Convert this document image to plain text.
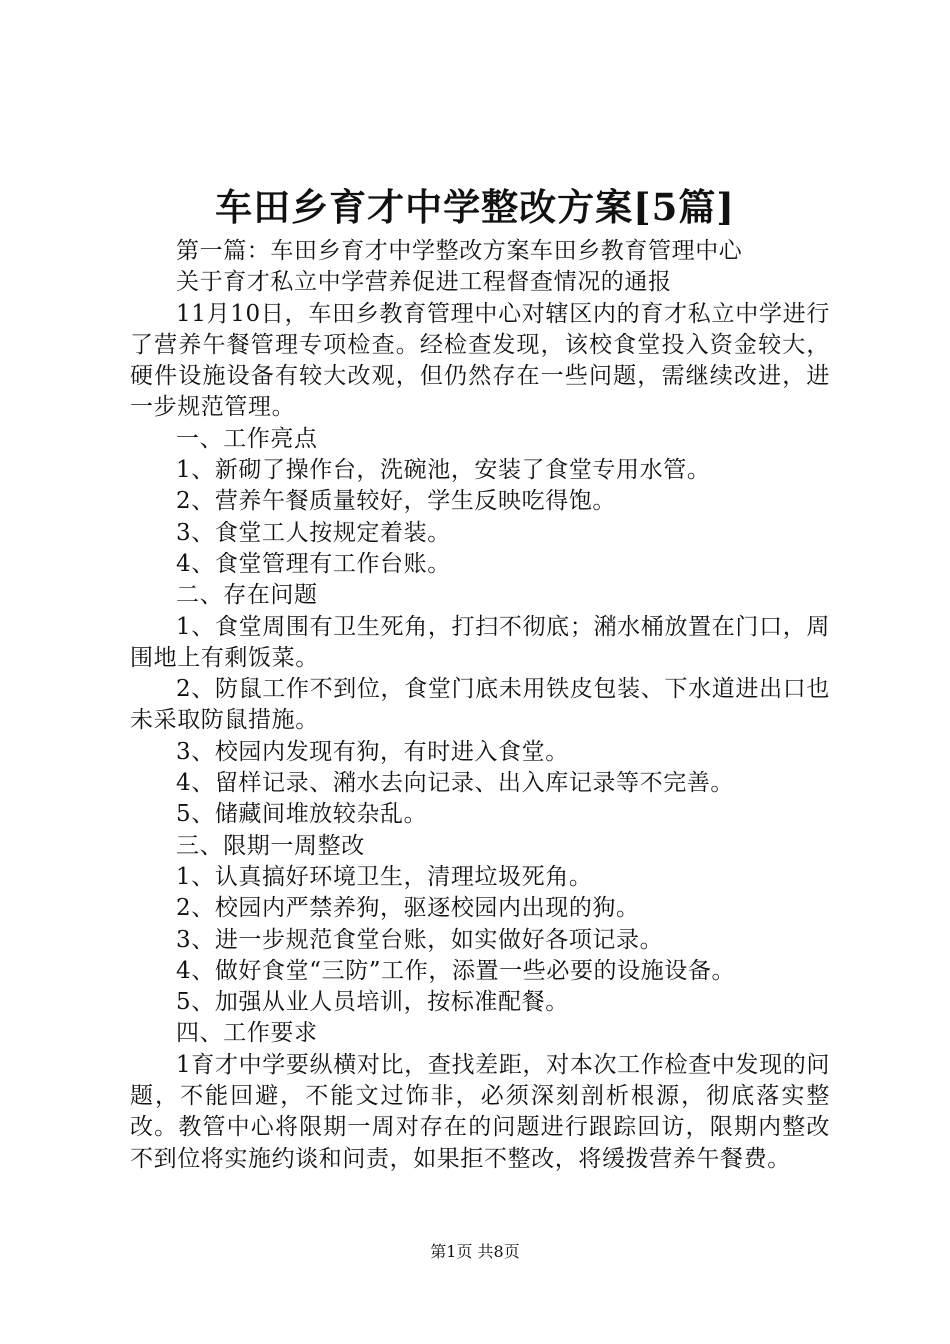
车田乡育才中学整改方案[5篇]

第一篇：车田乡育才中学整改方案车田乡教育管理中心

关于育才私立中学营养促进工程督查情况的通报

11月10日，车田乡教育管理中心对辖区内的育才私立中学进行了营养午餐管理专项检查。经检查发现，该校食堂投入资金较大，硬件设施设备有较大改观，但仍然存在一些问题，需继续改进，进一步规范管理。

一、工作亮点

1、新砌了操作台，洗碗池，安装了食堂专用水管。

2、营养午餐质量较好，学生反映吃得饱。

3、食堂工人按规定着装。

4、食堂管理有工作台账。

二、存在问题

1、食堂周围有卫生死角，打扫不彻底；潲水桶放置在门口，周围地上有剩饭菜。

2、防鼠工作不到位，食堂门底未用铁皮包装、下水道进出口也未采取防鼠措施。

3、校园内发现有狗，有时进入食堂。

4、留样记录、潲水去向记录、出入库记录等不完善。

5、储藏间堆放较杂乱。

三、限期一周整改

1、认真搞好环境卫生，清理垃圾死角。

2、校园内严禁养狗，驱逐校园内出现的狗。

3、进一步规范食堂台账，如实做好各项记录。

4、做好食堂“三防”工作，添置一些必要的设施设备。

5、加强从业人员培训，按标准配餐。

四、工作要求

1育才中学要纵横对比，查找差距，对本次工作检查中发现的问题，不能回避，不能文过饰非，必须深刻剖析根源，彻底落实整改。教管中心将限期一周对存在的问题进行跟踪回访，限期内整改不到位将实施约谈和问责，如果拒不整改，将缓拨营养午餐费。

第1页 共8页
